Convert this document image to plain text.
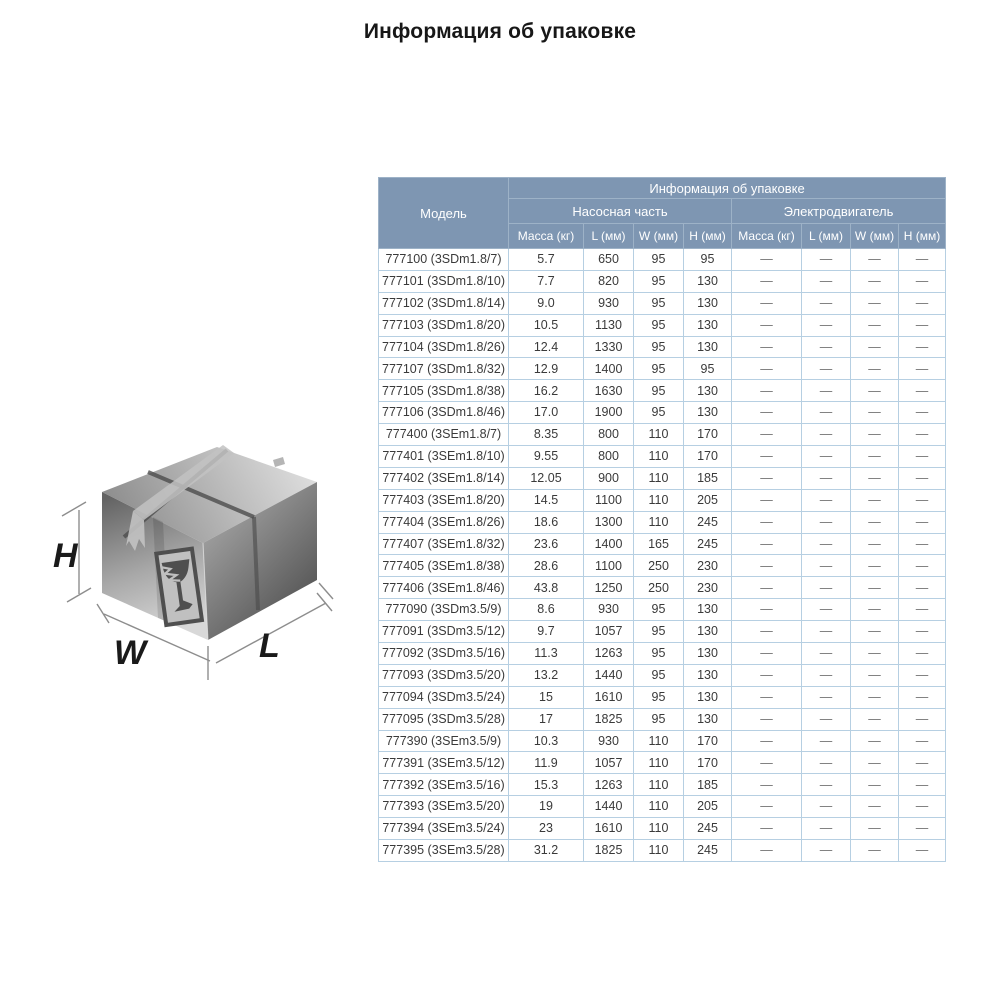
Информация об упаковке
H
W	L
Модель	Информация об упаковке							
	Насосная часть				Электродвигатель			
	Масса (кг)	L (мм)	W (мм)	H (мм)	Масса (кг)	L (мм)	W (мм)	H (мм)
777100 (3SDm1.8/7)	5.7	650	95	95	—	—	—	—
777101 (3SDm1.8/10)	7.7	820	95	130	—	—	—	—
777102 (3SDm1.8/14)	9.0	930	95	130	—	—	—	—
777103 (3SDm1.8/20)	10.5	1130	95	130	—	—	—	—
777104 (3SDm1.8/26)	12.4	1330	95	130	—	—	—	—
777107 (3SDm1.8/32)	12.9	1400	95	95	—	—	—	—
777105 (3SDm1.8/38)	16.2	1630	95	130	—	—	—	—
777106 (3SDm1.8/46)	17.0	1900	95	130	—	—	—	—
777400 (3SEm1.8/7)	8.35	800	110	170	—	—	—	—
777401 (3SEm1.8/10)	9.55	800	110	170	—	—	—	—
777402 (3SEm1.8/14)	12.05	900	110	185	—	—	—	—
777403 (3SEm1.8/20)	14.5	1100	110	205	—	—	—	—
777404 (3SEm1.8/26)	18.6	1300	110	245	—	—	—	—
777407 (3SEm1.8/32)	23.6	1400	165	245	—	—	—	—
777405 (3SEm1.8/38)	28.6	1100	250	230	—	—	—	—
777406 (3SEm1.8/46)	43.8	1250	250	230	—	—	—	—
777090 (3SDm3.5/9)	8.6	930	95	130	—	—	—	—
777091 (3SDm3.5/12)	9.7	1057	95	130	—	—	—	—
777092 (3SDm3.5/16)	11.3	1263	95	130	—	—	—	—
777093 (3SDm3.5/20)	13.2	1440	95	130	—	—	—	—
777094 (3SDm3.5/24)	15	1610	95	130	—	—	—	—
777095 (3SDm3.5/28)	17	1825	95	130	—	—	—	—
777390 (3SEm3.5/9)	10.3	930	110	170	—	—	—	—
777391 (3SEm3.5/12)	11.9	1057	110	170	—	—	—	—
777392 (3SEm3.5/16)	15.3	1263	110	185	—	—	—	—
777393 (3SEm3.5/20)	19	1440	110	205	—	—	—	—
777394 (3SEm3.5/24)	23	1610	110	245	—	—	—	—
777395 (3SEm3.5/28)	31.2	1825	110	245	—	—	—	—
